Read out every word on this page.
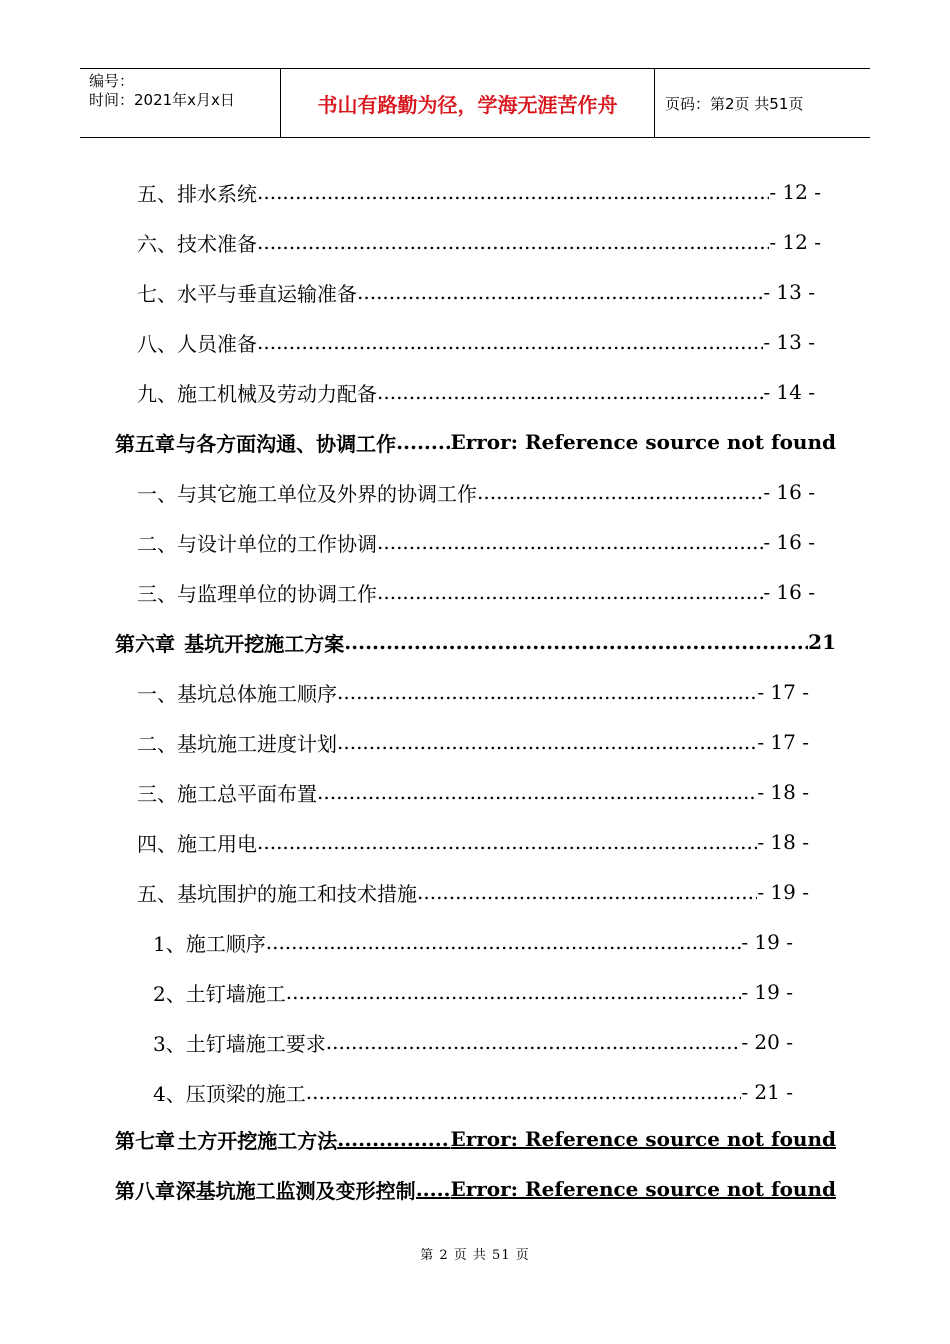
编号：
时间：2021年x月x日	书山有路勤为径，学海无涯苦作舟	页码：第2页 共51页
五、排水系统 .....	- 12 -
六、技术准备 .....	- 12 -
七、水平与垂直运输准备 .....	- 13 -
八、人员准备 .....	- 13 -
九、施工机械及劳动力配备 .....	- 14 -
第五章 与各方面沟通、协调工作 .....	Error: Reference source not found
一、与其它施工单位及外界的协调工作 .....	- 16 -
二、与设计单位的工作协调 .....	- 16 -
三、与监理单位的协调工作 .....	- 16 -
第六章 基坑开挖施工方案 .....	21
一、基坑总体施工顺序 .....	- 17 -
二、基坑施工进度计划 .....	- 17 -
三、施工总平面布置 .....	- 18 -
四、施工用电 .....	- 18 -
五、基坑围护的施工和技术措施 .....	- 19 -
1、施工顺序 .....	- 19 -
2、土钉墙施工 .....	- 19 -
3、土钉墙施工要求 .....	- 20 -
4、压顶梁的施工 .....	- 21 -
第七章 土方开挖施工方法 .....	Error: Reference source not found
第八章 深基坑施工监测及变形控制 ..... Error: Reference source not found
第 2 页 共 51 页
